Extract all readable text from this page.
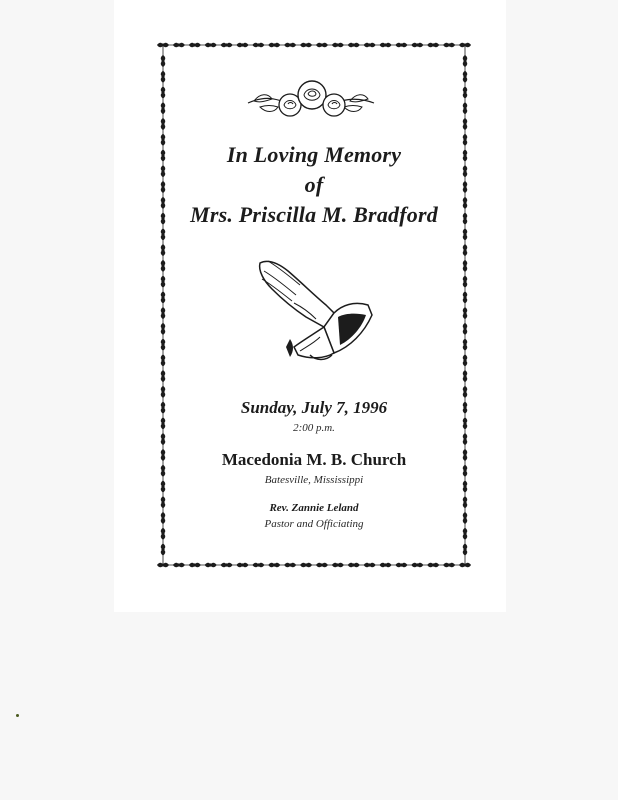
In Loving Memory
of
Mrs. Priscilla M. Bradford
Sunday, July 7, 1996
2:00 p.m.
Macedonia M. B. Church
Batesville, Mississippi
Rev. Zannie Leland
Pastor and Officiating
